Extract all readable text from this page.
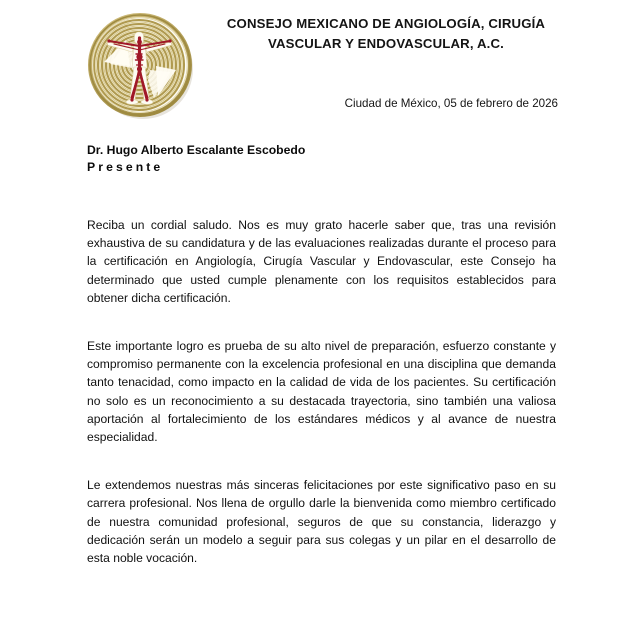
CONSEJO MEXICANO DE ANGIOLOGÍA, CIRUGÍA
VASCULAR Y ENDOVASCULAR, A.C.
Ciudad de México, 05 de febrero de 2026
Dr. Hugo Alberto Escalante Escobedo
Presente

Reciba un cordial saludo. Nos es muy grato hacerle saber que, tras una revisión exhaustiva de su candidatura y de las evaluaciones realizadas durante el proceso para la certificación en Angiología, Cirugía Vascular y Endovascular, este Consejo ha determinado que usted cumple plenamente con los requisitos establecidos para obtener dicha certificación.

Este importante logro es prueba de su alto nivel de preparación, esfuerzo constante y compromiso permanente con la excelencia profesional en una disciplina que demanda tanto tenacidad, como impacto en la calidad de vida de los pacientes. Su certificación no solo es un reconocimiento a su destacada trayectoria, sino también una valiosa aportación al fortalecimiento de los estándares médicos y al avance de nuestra especialidad.

Le extendemos nuestras más sinceras felicitaciones por este significativo paso en su carrera profesional. Nos llena de orgullo darle la bienvenida como miembro certificado de nuestra comunidad profesional, seguros de que su constancia, liderazgo y dedicación serán un modelo a seguir para sus colegas y un pilar en el desarrollo de esta noble vocación.
